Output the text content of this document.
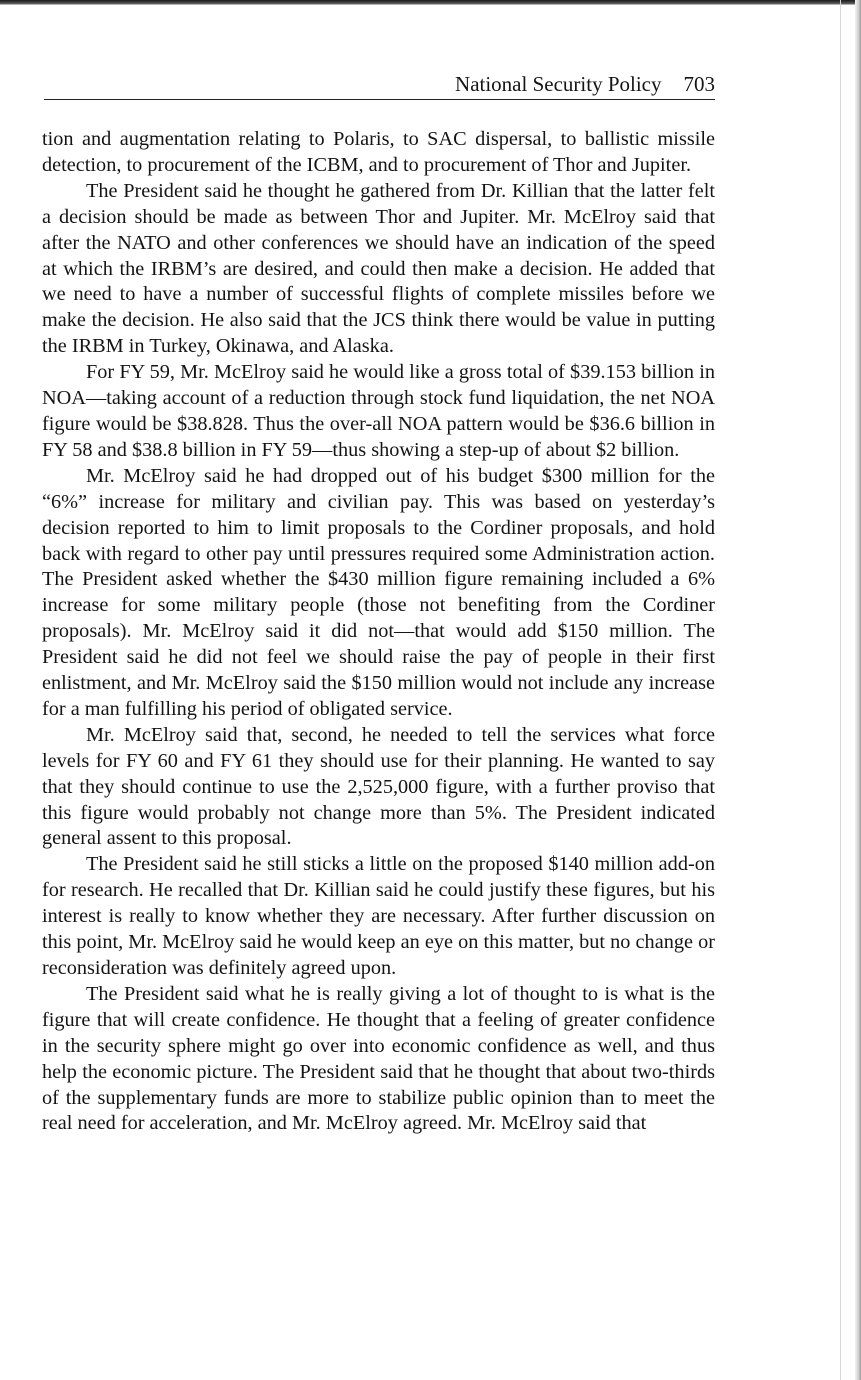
National Security Policy 703

tion and augmentation relating to Polaris, to SAC dispersal, to ballistic missile detection, to procurement of the ICBM, and to procurement of Thor and Jupiter.

The President said he thought he gathered from Dr. Killian that the latter felt a decision should be made as between Thor and Jupiter. Mr. McElroy said that after the NATO and other conferences we should have an indication of the speed at which the IRBM’s are desired, and could then make a decision. He added that we need to have a number of successful flights of complete missiles before we make the decision. He also said that the JCS think there would be value in putting the IRBM in Turkey, Okinawa, and Alaska.

For FY 59, Mr. McElroy said he would like a gross total of $39.153 billion in NOA—taking account of a reduction through stock fund liquidation, the net NOA figure would be $38.828. Thus the over-all NOA pattern would be $36.6 billion in FY 58 and $38.8 billion in FY 59—thus showing a step-up of about $2 billion.

Mr. McElroy said he had dropped out of his budget $300 million for the “6%” increase for military and civilian pay. This was based on yesterday’s decision reported to him to limit proposals to the Cordiner proposals, and hold back with regard to other pay until pressures required some Administration action. The President asked whether the $430 million figure remaining included a 6% increase for some military people (those not benefiting from the Cordiner proposals). Mr. McElroy said it did not—that would add $150 million. The President said he did not feel we should raise the pay of people in their first enlistment, and Mr. McElroy said the $150 million would not include any increase for a man fulfilling his period of obligated service.

Mr. McElroy said that, second, he needed to tell the services what force levels for FY 60 and FY 61 they should use for their planning. He wanted to say that they should continue to use the 2,525,000 figure, with a further proviso that this figure would probably not change more than 5%. The President indicated general assent to this proposal.

The President said he still sticks a little on the proposed $140 million add-on for research. He recalled that Dr. Killian said he could justify these figures, but his interest is really to know whether they are necessary. After further discussion on this point, Mr. McElroy said he would keep an eye on this matter, but no change or reconsideration was definitely agreed upon.

The President said what he is really giving a lot of thought to is what is the figure that will create confidence. He thought that a feeling of greater confidence in the security sphere might go over into economic confidence as well, and thus help the economic picture. The President said that he thought that about two-thirds of the supplementary funds are more to stabilize public opinion than to meet the real need for acceleration, and Mr. McElroy agreed. Mr. McElroy said that
